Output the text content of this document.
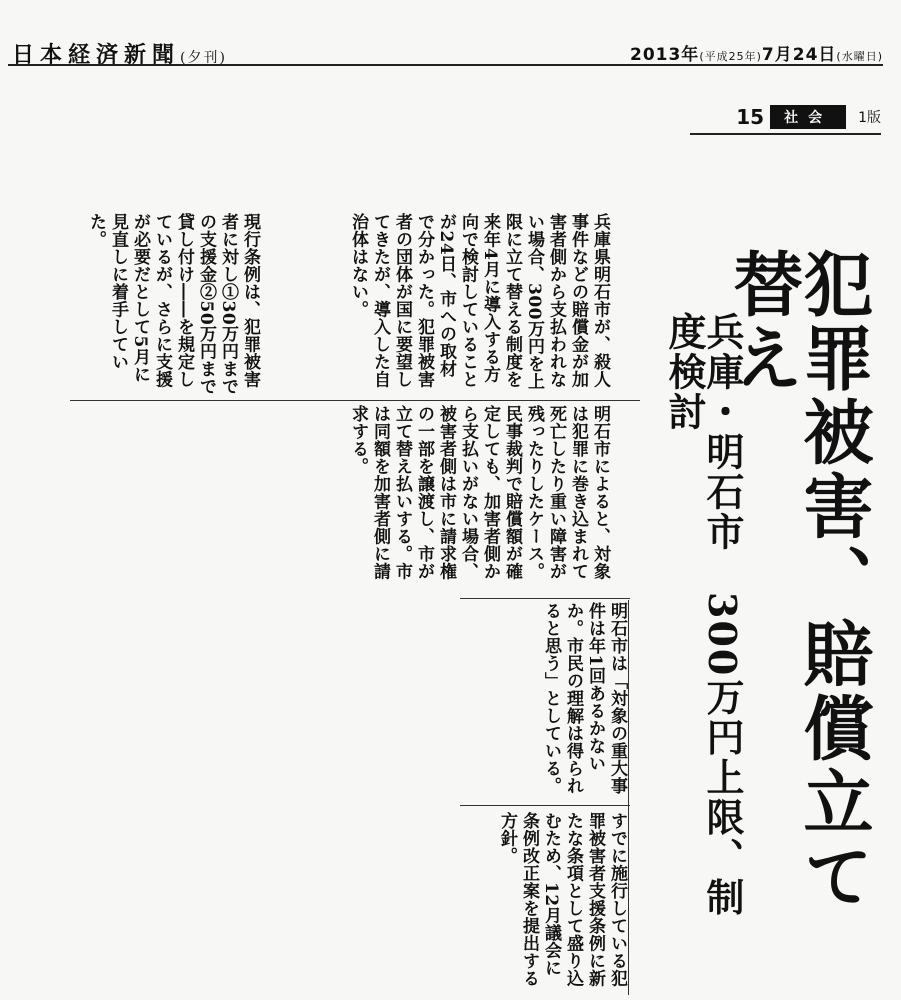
日本経済新聞(夕刊)	2013年(平成25年)7月24日(水曜日)
15 社会 1版
犯罪被害、賠償立て替え
兵庫・明石市　300万円上限、制度検討
兵庫県明石市が、殺人事件などの賠償金が加害者側から支払われない場合、300万円を上限に立て替える制度を来年4月に導入する方向で検討していることが24日、市への取材で分かった。犯罪被害者の団体が国に要望してきたが、導入した自治体はない。
明石市によると、対象は犯罪に巻き込まれて死亡したり重い障害が残ったりしたケース。民事裁判で賠償額が確定しても、加害者側から支払いがない場合、被害者側は市に請求権の一部を譲渡し、市が立て替え払いする。市は同額を加害者側に請求する。
明石市は「対象の重大事件は年1回あるかないか。市民の理解は得られると思う」としている。
すでに施行している犯罪被害者支援条例に新たな条項として盛り込むため、12月議会に条例改正案を提出する方針。
現行条例は、犯罪被害者に対し①30万円までの支援金②50万円まで貸し付け――を規定しているが、さらに支援が必要だとして5月に見直しに着手していた。
